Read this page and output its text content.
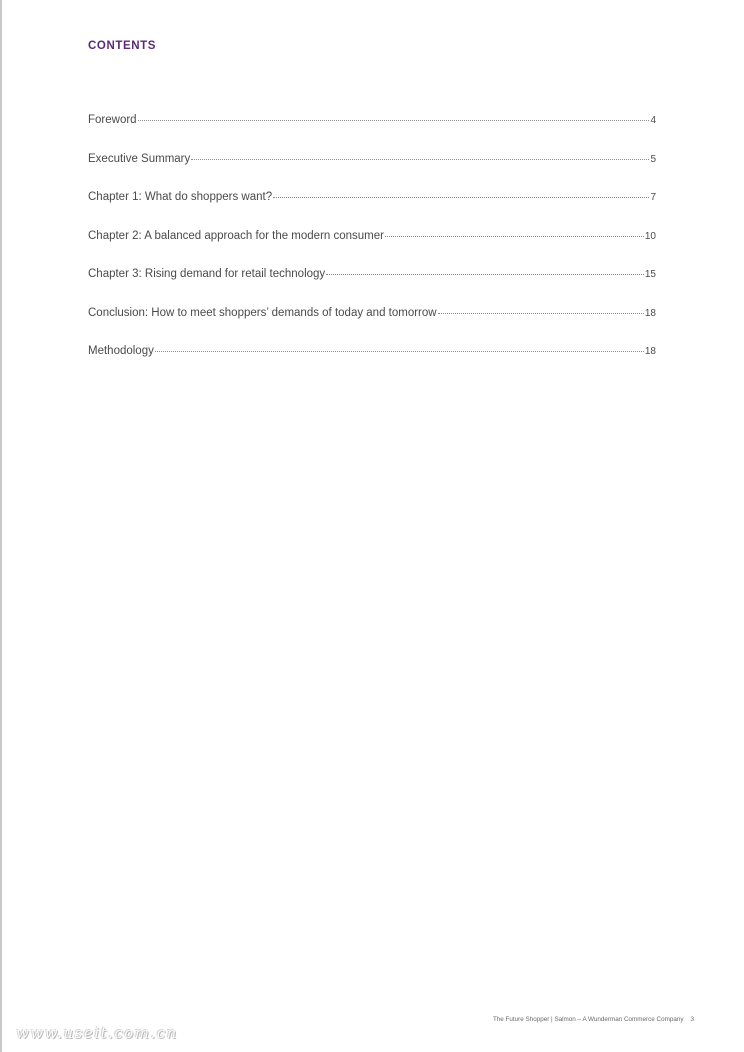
CONTENTS
Foreword	4
Executive Summary	5
Chapter 1: What do shoppers want?	7
Chapter 2: A balanced approach for the modern consumer	10
Chapter 3: Rising demand for retail technology	15
Conclusion: How to meet shoppers’ demands of today and tomorrow	18
Methodology	18
The Future Shopper | Salmon – A Wunderman Commerce Company 3
www.useit.com.cn
